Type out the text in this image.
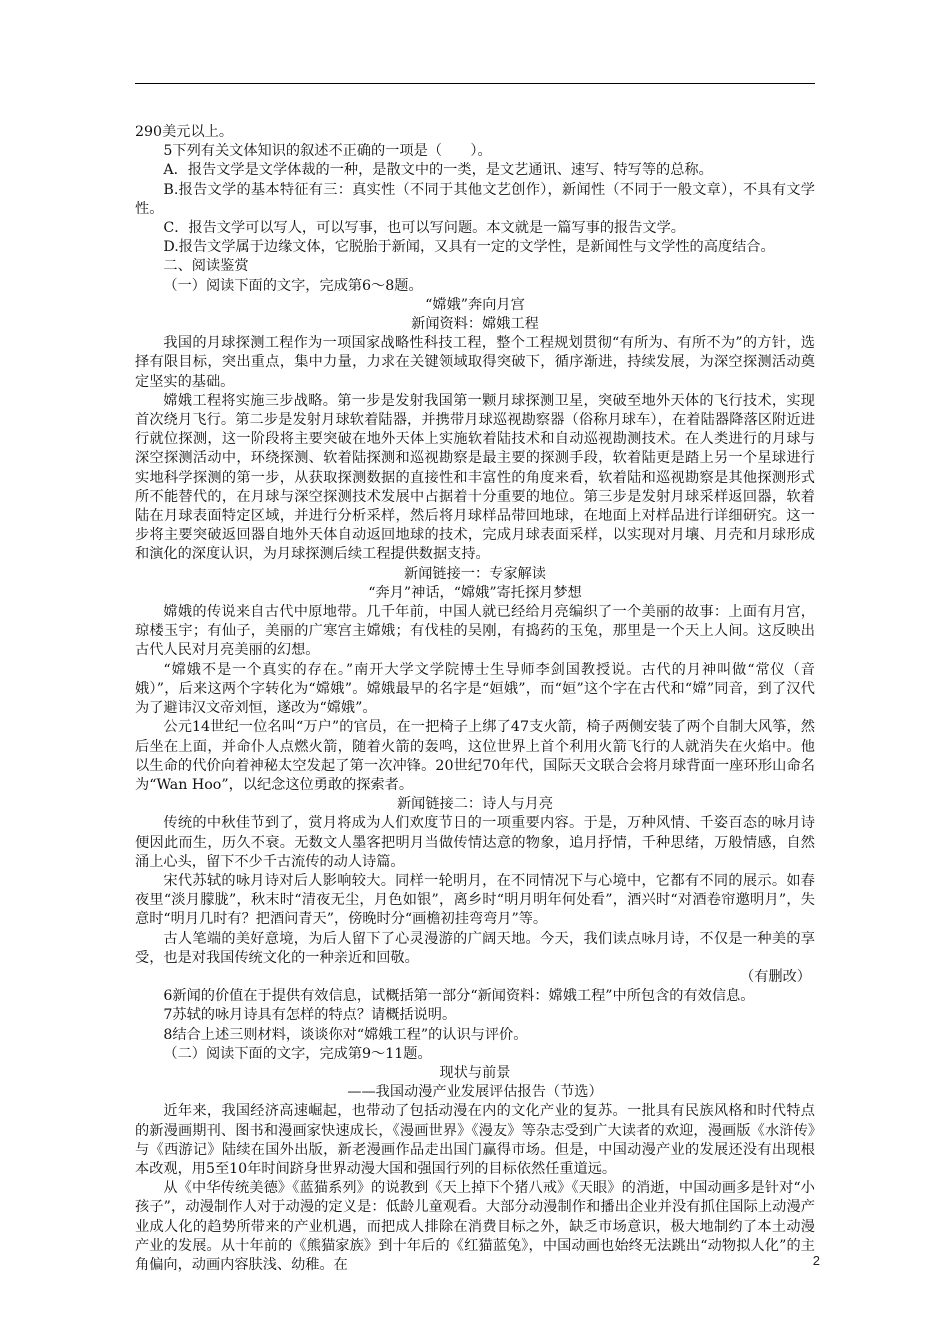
290美元以上。

5下列有关文体知识的叙述不正确的一项是（　　）。

A．报告文学是文学体裁的一种，是散文中的一类，是文艺通讯、速写、特写等的总称。

B.报告文学的基本特征有三：真实性（不同于其他文艺创作），新闻性（不同于一般文章），不具有文学性。

C．报告文学可以写人，可以写事，也可以写问题。本文就是一篇写事的报告文学。

D.报告文学属于边缘文体，它脱胎于新闻，又具有一定的文学性，是新闻性与文学性的高度结合。

二、阅读鉴赏

（一）阅读下面的文字，完成第6～8题。

“嫦娥”奔向月宫

新闻资料：嫦娥工程

我国的月球探测工程作为一项国家战略性科技工程，整个工程规划贯彻“有所为、有所不为”的方针，选择有限目标，突出重点，集中力量，力求在关键领域取得突破下，循序渐进，持续发展，为深空探测活动奠定坚实的基础。

嫦娥工程将实施三步战略。第一步是发射我国第一颗月球探测卫星，突破至地外天体的飞行技术，实现首次绕月飞行。第二步是发射月球软着陆器，并携带月球巡视勘察器（俗称月球车），在着陆器降落区附近进行就位探测，这一阶段将主要突破在地外天体上实施软着陆技术和自动巡视勘测技术。在人类进行的月球与深空探测活动中，环绕探测、软着陆探测和巡视勘察是最主要的探测手段，软着陆更是踏上另一个星球进行实地科学探测的第一步，从获取探测数据的直接性和丰富性的角度来看，软着陆和巡视勘察是其他探测形式所不能替代的，在月球与深空探测技术发展中占据着十分重要的地位。第三步是发射月球采样返回器，软着陆在月球表面特定区域，并进行分析采样，然后将月球样品带回地球，在地面上对样品进行详细研究。这一步将主要突破返回器自地外天体自动返回地球的技术，完成月球表面采样，以实现对月壤、月壳和月球形成和演化的深度认识，为月球探测后续工程提供数据支持。

新闻链接一：专家解读

“奔月”神话，“嫦娥”寄托探月梦想

嫦娥的传说来自古代中原地带。几千年前，中国人就已经给月亮编织了一个美丽的故事：上面有月宫，琼楼玉宇；有仙子，美丽的广寒宫主嫦娥；有伐桂的吴刚，有捣药的玉兔，那里是一个天上人间。这反映出古代人民对月亮美丽的幻想。

“嫦娥不是一个真实的存在。”南开大学文学院博士生导师李剑国教授说。古代的月神叫做“常仪（音娥）”，后来这两个字转化为“嫦娥”。嫦娥最早的名字是“姮娥”，而“姮”这个字在古代和“嫦”同音，到了汉代为了避讳汉文帝刘恒，遂改为“嫦娥”。

公元14世纪一位名叫“万户”的官员，在一把椅子上绑了47支火箭，椅子两侧安装了两个自制大风筝，然后坐在上面，并命仆人点燃火箭，随着火箭的轰鸣，这位世界上首个利用火箭飞行的人就消失在火焰中。他以生命的代价向着神秘太空发起了第一次冲锋。20世纪70年代，国际天文联合会将月球背面一座环形山命名为“Wan Hoo”，以纪念这位勇敢的探索者。

新闻链接二：诗人与月亮

传统的中秋佳节到了，赏月将成为人们欢度节日的一项重要内容。于是，万种风情、千姿百态的咏月诗便因此而生，历久不衰。无数文人墨客把明月当做传情达意的物象，追月抒情，千种思绪，万般情感，自然涌上心头，留下不少千古流传的动人诗篇。

宋代苏轼的咏月诗对后人影响较大。同样一轮明月，在不同情况下与心境中，它都有不同的展示。如春夜里“淡月朦胧”，秋末时“清夜无尘，月色如银”，离乡时“明月明年何处看”，酒兴时“对酒卷帘邀明月”，失意时“明月几时有？把酒问青天”，傍晚时分“画檐初挂弯弯月”等。

古人笔端的美好意境，为后人留下了心灵漫游的广阔天地。今天，我们读点咏月诗，不仅是一种美的享受，也是对我国传统文化的一种亲近和回敬。

（有删改）

6新闻的价值在于提供有效信息，试概括第一部分“新闻资料：嫦娥工程”中所包含的有效信息。

7苏轼的咏月诗具有怎样的特点？请概括说明。

8结合上述三则材料，谈谈你对“嫦娥工程”的认识与评价。

（二）阅读下面的文字，完成第9～11题。

现状与前景

——我国动漫产业发展评估报告（节选）

近年来，我国经济高速崛起，也带动了包括动漫在内的文化产业的复苏。一批具有民族风格和时代特点的新漫画期刊、图书和漫画家快速成长，《漫画世界》《漫友》等杂志受到广大读者的欢迎，漫画版《水浒传》与《西游记》陆续在国外出版，新老漫画作品走出国门赢得市场。但是，中国动漫产业的发展还没有出现根本改观，用5至10年时间跻身世界动漫大国和强国行列的目标依然任重道远。

从《中华传统美德》《蓝猫系列》的说教到《天上掉下个猪八戒》《天眼》的消逝，中国动画多是针对“小孩子”，动漫制作人对于动漫的定义是：低龄儿童观看。大部分动漫制作和播出企业并没有抓住国际上动漫产业成人化的趋势所带来的产业机遇，而把成人排除在消费目标之外，缺乏市场意识，极大地制约了本土动漫产业的发展。从十年前的《熊猫家族》到十年后的《红猫蓝兔》，中国动画也始终无法跳出“动物拟人化”的主角偏向，动画内容肤浅、幼稚。在	2
